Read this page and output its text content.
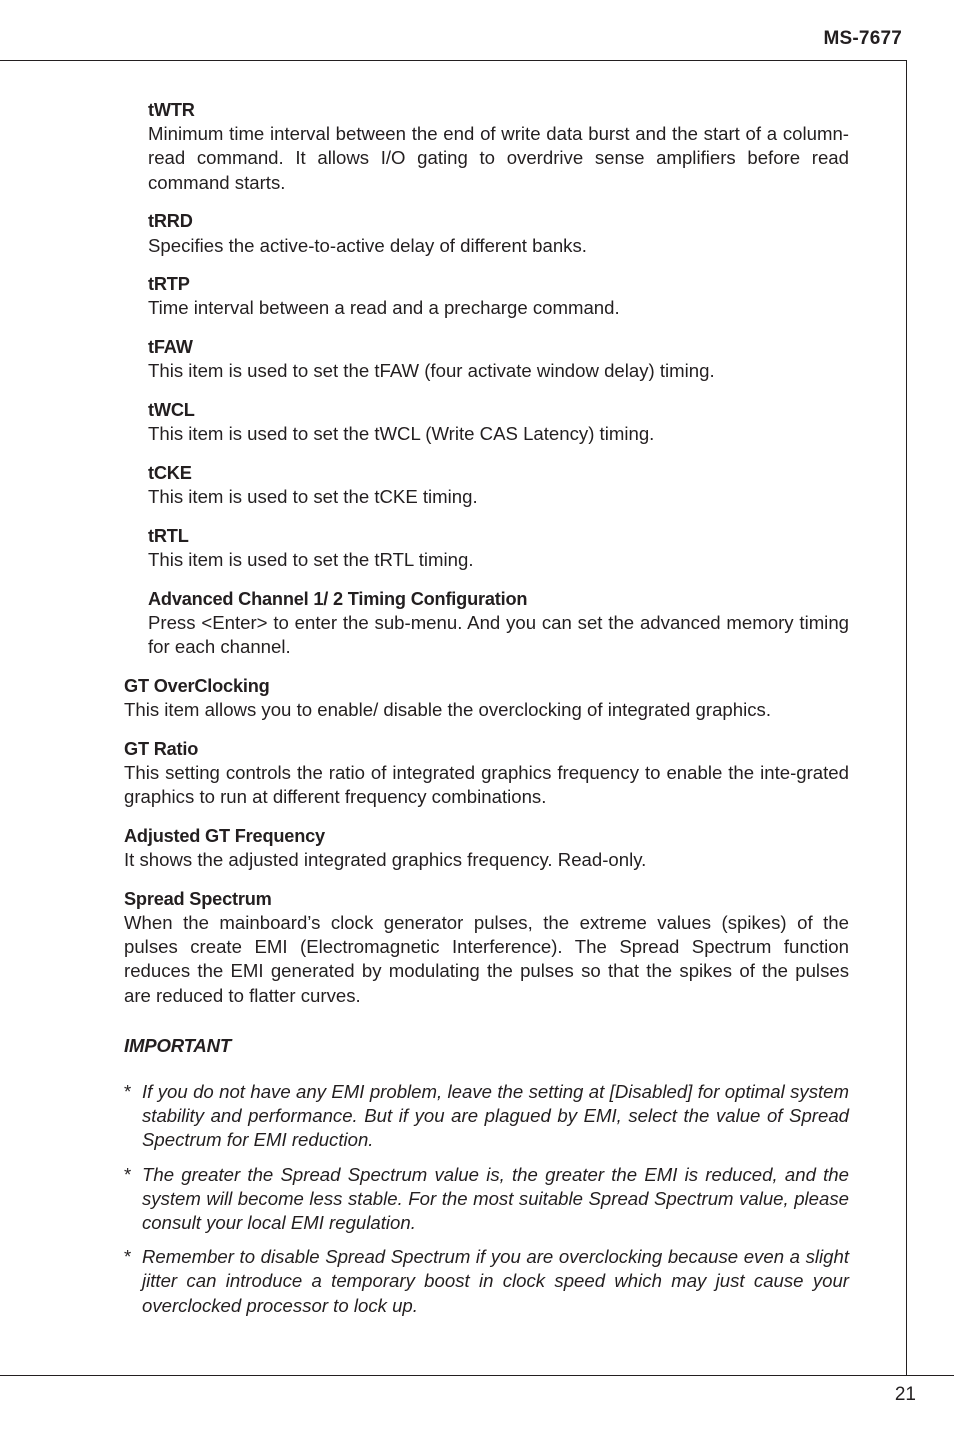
MS-7677

tWTR

Minimum time interval between the end of write data burst and the start of a column-read command. It allows I/O gating to overdrive sense amplifiers before read command starts.

tRRD

Specifies the active-to-active delay of different banks.

tRTP

Time interval between a read and a precharge command.

tFAW

This item is used to set the tFAW (four activate window delay) timing.

tWCL

This item is used to set the tWCL (Write CAS Latency) timing.

tCKE

This item is used to set the tCKE timing.

tRTL

This item is used to set the tRTL timing.

Advanced Channel 1/ 2 Timing Configuration

Press <Enter> to enter the sub-menu. And you can set the advanced memory timing for each channel.

GT OverClocking

This item allows you to enable/ disable the overclocking of integrated graphics.

GT Ratio

This setting controls the ratio of integrated graphics frequency to enable the inte-grated graphics to run at different frequency combinations.

Adjusted GT Frequency

It shows the adjusted integrated graphics frequency. Read-only.

Spread Spectrum

When the mainboard’s clock generator pulses, the extreme values (spikes) of the pulses create EMI (Electromagnetic Interference). The Spread Spectrum function reduces the EMI generated by modulating the pulses so that the spikes of the pulses are reduced to flatter curves.

IMPORTANT

* If you do not have any EMI problem, leave the setting at [Disabled] for optimal system stability and performance. But if you are plagued by EMI, select the value of Spread Spectrum for EMI reduction.
* The greater the Spread Spectrum value is, the greater the EMI is reduced, and the system will become less stable. For the most suitable Spread Spectrum value, please consult your local EMI regulation.
* Remember to disable Spread Spectrum if you are overclocking because even a slight jitter can introduce a temporary boost in clock speed which may just cause your overclocked processor to lock up.
21
